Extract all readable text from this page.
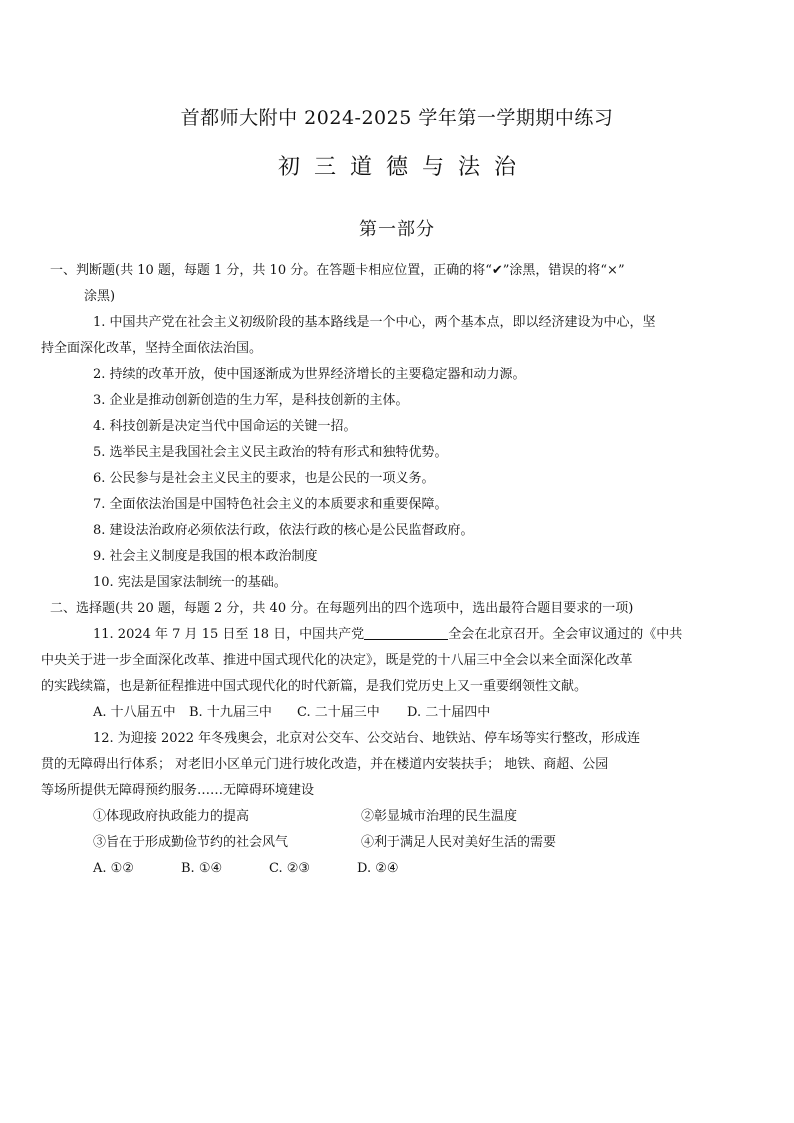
首都师大附中 2024-2025 学年第一学期期中练习
初三道德与法治
第一部分

一、判断题(共 10 题，每题 1 分，共 10 分。在答题卡相应位置，正确的将“✔”涂黑，错误的将“×”
涂黑)

1. 中国共产党在社会主义初级阶段的基本路线是一个中心，两个基本点，即以经济建设为中心，坚
持全面深化改革，坚持全面依法治国。

2. 持续的改革开放，使中国逐渐成为世界经济增长的主要稳定器和动力源。

3. 企业是推动创新创造的生力军，是科技创新的主体。

4. 科技创新是决定当代中国命运的关键一招。

5. 选举民主是我国社会主义民主政治的特有形式和独特优势。

6. 公民参与是社会主义民主的要求，也是公民的一项义务。

7. 全面依法治国是中国特色社会主义的本质要求和重要保障。

8. 建设法治政府必须依法行政，依法行政的核心是公民监督政府。

9. 社会主义制度是我国的根本政治制度

10. 宪法是国家法制统一的基础。

二、选择题(共 20 题，每题 2 分，共 40 分。在每题列出的四个选项中，选出最符合题目要求的一项)

11. 2024 年 7 月 15 日至 18 日，中国共产党	全会在北京召开。全会审议通过的《中共
中央关于进一步全面深化改革、推进中国式现代化的决定》，既是党的十八届三中全会以来全面深化改革
的实践续篇，也是新征程推进中国式现代化的时代新篇，是我们党历史上又一重要纲领性文献。

A. 十八届五中	B. 十九届三中	C. 二十届三中	D. 二十届四中

12. 为迎接 2022 年冬残奥会，北京对公交车、公交站台、地铁站、停车场等实行整改，形成连
贯的无障碍出行体系； 对老旧小区单元门进行坡化改造，并在楼道内安装扶手； 地铁、商超、公园
等场所提供无障碍预约服务……无障碍环境建设

①体现政府执政能力的提高	②彰显城市治理的民生温度
③旨在于形成勤俭节约的社会风气	④利于满足人民对美好生活的需要
A. ①②	B. ①④	C. ②③	D. ②④
